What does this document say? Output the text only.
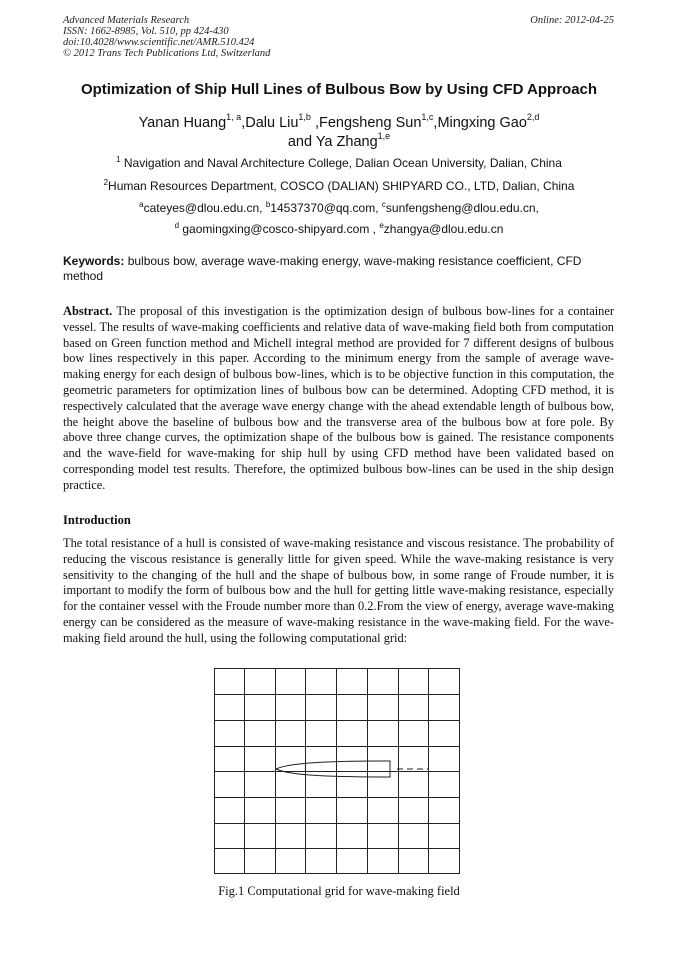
Advanced Materials Research
ISSN: 1662-8985, Vol. 510, pp 424-430
doi:10.4028/www.scientific.net/AMR.510.424
© 2012 Trans Tech Publications Ltd, Switzerland
Online: 2012-04-25
Optimization of Ship Hull Lines of Bulbous Bow by Using CFD Approach
Yanan Huang$^{1, a}$,Dalu Liu$^{1,b}$ ,Fengsheng Sun$^{1,c}$,Mingxing Gao$^{2,d}$
and Ya Zhang$^{1,e}$
$^1$ Navigation and Naval Architecture College, Dalian Ocean University, Dalian, China
$^2$Human Resources Department, COSCO (DALIAN) SHIPYARD CO., LTD, Dalian, China
$^a$cateyes@dlou.edu.cn, $^b$14537370@qq.com, $^c$sunfengsheng@dlou.edu.cn,
$^d$ gaomingxing@cosco-shipyard.com , $^e$zhangya@dlou.edu.cn
Keywords: bulbous bow, average wave-making energy, wave-making resistance coefficient, CFD method
Abstract. The proposal of this investigation is the optimization design of bulbous bow-lines for a container vessel. The results of wave-making coefficients and relative data of wave-making field both from computation based on Green function method and Michell integral method are provided for 7 different designs of bulbous bow lines respectively in this paper. According to the minimum energy from the sample of average wave-making energy for each design of bulbous bow-lines, which is to be objective function in this computation, the geometric parameters for optimization lines of bulbous bow can be determined. Adopting CFD method, it is respectively calculated that the average wave energy change with the ahead extendable length of bulbous bow, the height above the baseline of bulbous bow and the transverse area of the bulbous bow at fore pole. By above three change curves, the optimization shape of the bulbous bow is gained. The resistance components and the wave-field for wave-making for ship hull by using CFD method have been validated based on corresponding model test results. Therefore, the optimized bulbous bow-lines can be used in the ship design practice.
Introduction
The total resistance of a hull is consisted of wave-making resistance and viscous resistance. The probability of reducing the viscous resistance is generally little for given speed. While the wave-making resistance is very sensitivity to the changing of the hull and the shape of bulbous bow, in some range of Froude number, it is important to modify the form of bulbous bow and the hull for getting little wave-making resistance, especially for the container vessel with the Froude number more than 0.2.From the view of energy, average wave-making energy can be considered as the measure of wave-making resistance in the wave-making field. For the wave-making field around the hull, using the following computational grid:
Fig.1 Computational grid for wave-making field
